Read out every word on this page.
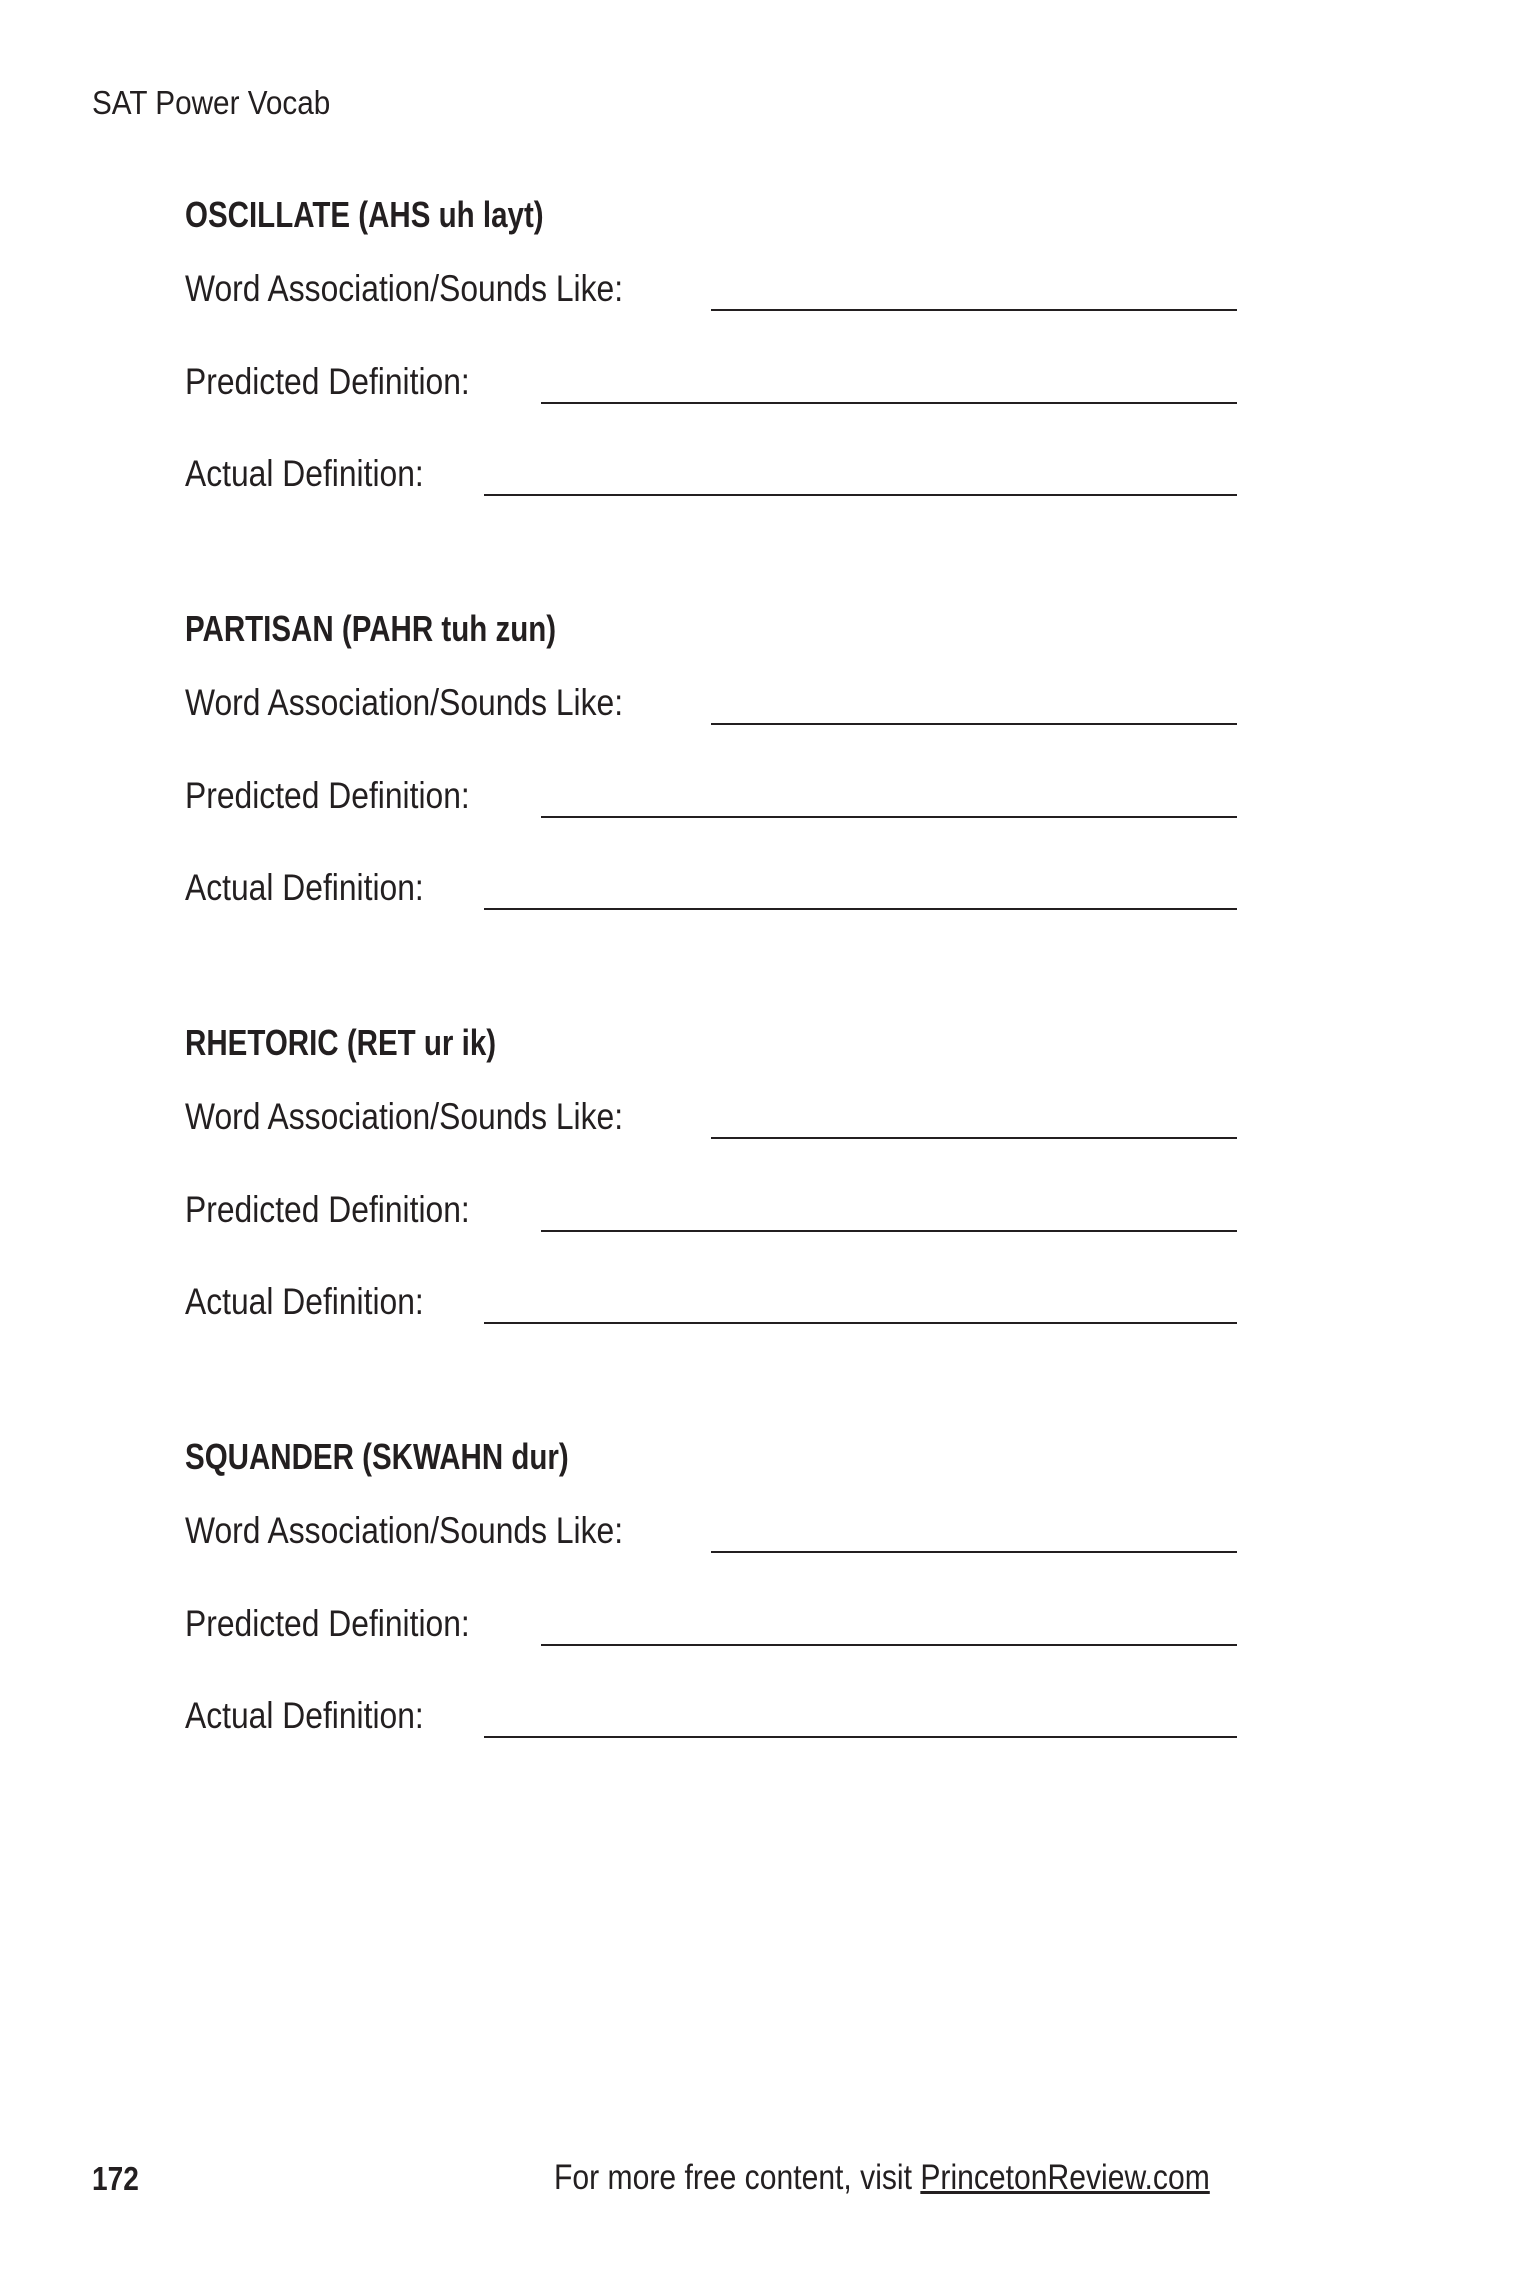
SAT Power Vocab
OSCILLATE (AHS uh layt)
Word Association/Sounds Like:
Predicted Definition:
Actual Definition:
PARTISAN (PAHR tuh zun)
Word Association/Sounds Like:
Predicted Definition:
Actual Definition:
RHETORIC (RET ur ik)
Word Association/Sounds Like:
Predicted Definition:
Actual Definition:
SQUANDER (SKWAHN dur)
Word Association/Sounds Like:
Predicted Definition:
Actual Definition:
172	For more free content, visit PrincetonReview.com
